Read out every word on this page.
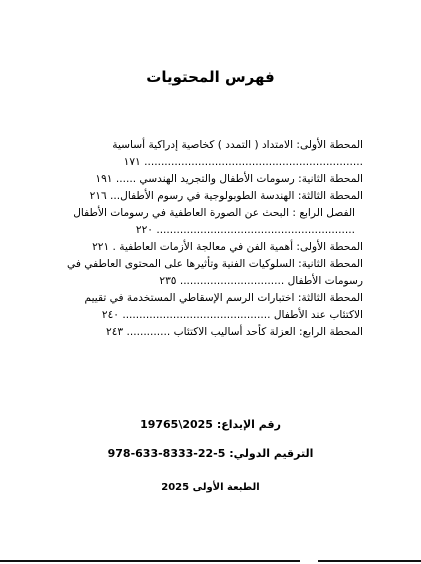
فهرس المحتويات
المحطة الأولى: الامتداد ( التمدد ) كخاصية إدراكية أساسية ................................................................. ١٧١
المحطة الثانية: رسومات الأطفال والتجريد الهندسي ...... ١٩١
المحطة الثالثة: الهندسة الطوبولوجية في رسوم الأطفال... ٢١٦
الفصل الرابع : البحث عن الصورة العاطفية في رسومات الأطفال ........................................................... ٢٢٠
المحطة الأولى: أهمية الفن في معالجة الأزمات العاطفية . ٢٢١
المحطة الثانية: السلوكيات الفنية وتأثيرها على المحتوى العاطفي في رسومات الأطفال ............................... ٢٣٥
المحطة الثالثة: اختبارات الرسم الإسقاطي المستخدمة في تقييم الاكتئاب عند الأطفال ............................................ ٢٤٠
المحطة الرابع: العزلة كأحد أساليب الاكتئاب ............. ٢٤٣
رقم الإيداع: 19765\2025
الترقيم الدولي: 978-633-8333-22-5
الطبعة الأولى 2025
